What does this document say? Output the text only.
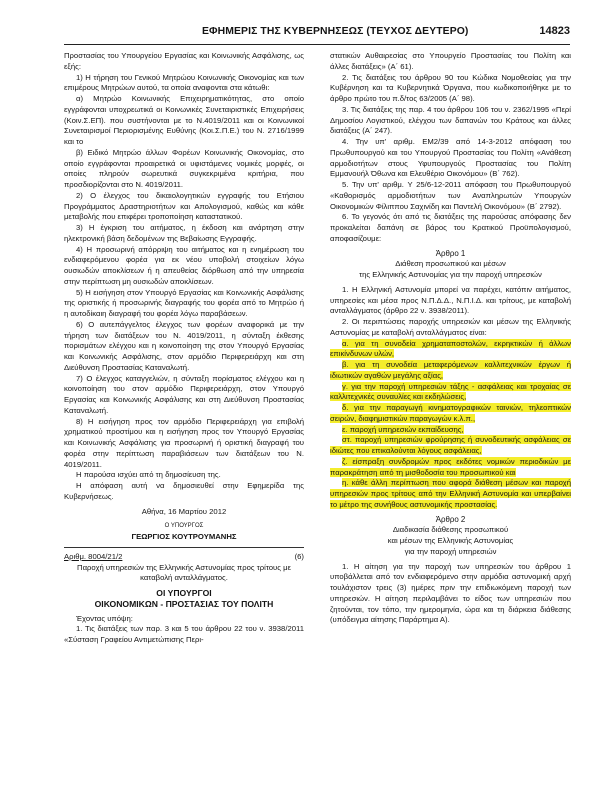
ΕΦΗΜΕΡΙΣ ΤΗΣ ΚΥΒΕΡΝΗΣΕΩΣ (ΤΕΥΧΟΣ ΔΕΥΤΕΡΟ)	14823

Προστασίας του Υπουργείου Εργασίας και Κοινωνικής Ασφάλισης, ως εξής:

1) Η τήρηση του Γενικού Μητρώου Κοινωνικής Οικονομίας και των επιμέρους Μητρώων αυτού, τα οποία αναφονται στα κάτωθι:

α) Μητρώο Κοινωνικής Επιχειρηματικότητας, στο οποίο εγγράφονται υποχρεωτικά οι Κοινωνικές Συνεταιριστικές Επιχειρήσεις (Κοιν.Σ.ΕΠ). που συστήνονται με το Ν.4019/2011 και οι Κοινωνικοί Συνεταιρισμοί Περιορισμένης Ευθύνης (Κοι.Σ.Π.Ε.) του Ν. 2716/1999 και το

β) Ειδικό Μητρώο άλλων Φορέων Κοινωνικής Οικονομίας, στο οποίο εγγράφονται προαιρετικά οι υφιστάμενες νομικές μορφές, οι οποίες πληρούν σωρευτικά συγκεκριμένα κριτήρια, που προσδιορίζονται στο Ν. 4019/2011.

2) Ο έλεγχος του δικαιολογητικών εγγραφής του Ετήσιου Προγράμματος Δραστηριοτήτων και Απολογισμού, καθώς και κάθε μεταβολής που επιφέρει τροποποίηση καταστατικού.

3) Η έγκριση του αιτήματος, η έκδοση και ανάρτηση στην ηλεκτρονική βάση δεδομένων της Βεβαίωσης Εγγραφής.

4) Η προσωρινή απόρριψη του αιτήματος και η ενημέρωση του ενδιαφερόμενου φορέα για εκ νέου υποβολή στοιχείων λόγω ουσιωδών αποκλίσεων ή η απευθείας διόρθωση από την υπηρεσία στην περίπτωση μη ουσιωδών αποκλίσεων.

5) Η εισήγηση στον Υπουργό Εργασίας και Κοινωνικής Ασφάλισης της οριστικής ή προσωρινής διαγραφής του φορέα από το Μητρώο ή η αυτοδίκαιη διαγραφή του φορέα λόγω παραβάσεων.

6) Ο αυτεπάγγελτος έλεγχος των φορέων αναφορικά με την τήρηση των διατάξεων του Ν. 4019/2011, η σύνταξη έκθεσης πορισμάτων ελέγχου και η κοινοποίηση της στον Υπουργό Εργασίας και Κοινωνικής Ασφάλισης, στον αρμόδιο Περιφερειάρχη και στη Διεύθυνση Προστασίας Καταναλωτή.

7) Ο έλεγχος καταγγελιών, η σύνταξη πορίσματος ελέγχου και η κοινοποίηση του στον αρμόδιο Περιφερειάρχη, στον Υπουργό Εργασίας και Κοινωνικής Ασφάλισης και στη Διεύθυνση Προστασίας Καταναλωτή.

8) Η εισήγηση προς τον αρμόδιο Περιφερειάρχη για επιβολή χρηματικού προστίμου και η εισήγηση προς τον Υπουργό Εργασίας και Κοινωνικής Ασφάλισης για προσωρινή ή οριστική διαγραφή του φορέα στην περίπτωση παραβιάσεων των διατάξεων του Ν. 4019/2011.

Η παρούσα ισχύει από τη δημοσίευση της.

Η απόφαση αυτή να δημοσιευθεί στην Εφημερίδα της Κυβερνήσεως.

Αθήνα, 16 Μαρτίου 2012

Ο ΥΠΟΥΡΓΟΣ

ΓΕΩΡΓΙΟΣ ΚΟΥΤΡΟΥΜΑΝΗΣ

Αριθμ. 8004/21/2	(6)

Παροχή υπηρεσιών της Ελληνικής Αστυνομίας προς τρίτους με καταβολή ανταλλάγματος.

ΟΙ ΥΠΟΥΡΓΟΙ

ΟΙΚΟΝΟΜΙΚΩΝ - ΠΡΟΣΤΑΣΙΑΣ ΤΟΥ ΠΟΛΙΤΗ

Έχοντας υπόψη:

1. Τις διατάξεις των παρ. 3 και 5 του άρθρου 22 του ν. 3938/2011 «Σύσταση Γραφείου Αντιμετώπισης Περι-

στατικών Αυθαιρεσίας στο Υπουργείο Προστασίας του Πολίτη και άλλες διατάξεις» (Α΄ 61).

2. Τις διατάξεις του άρθρου 90 του Κώδικα Νομοθεσίας για την Κυβέρνηση και τα Κυβερνητικά Όργανα, που κωδικοποιήθηκε με το άρθρο πρώτο του π.δ/τος 63/2005 (Α΄ 98).

3. Τις διατάξεις της παρ. 4 του άρθρου 106 του ν. 2362/1995 «Περί Δημοσίου Λογιστικού, ελέγχου των δαπανών του Κράτους και άλλες διατάξεις (Α΄ 247).

4. Την υπ' αριθμ. ΕΜ2/39 από 14-3-2012 απόφαση του Πρωθυπουργού και του Υπουργού Προστασίας του Πολίτη «Ανάθεση αρμοδιοτήτων στους Υφυπουργούς Προστασίας του Πολίτη Εμμανουήλ Όθωνα και Ελευθέριο Οικονόμου» (Β΄ 762).

5. Την υπ' αριθμ. Υ 25/6-12-2011 απόφαση του Πρωθυπουργού «Καθορισμός αρμοδιοτήτων των Αναπληρωτών Υπουργών Οικονομικών Φίλιππου Σαχινίδη και Παντελή Οικονόμου» (Β΄ 2792).

6. Το γεγονός ότι από τις διατάξεις της παρούσας απόφασης δεν προκαλείται δαπάνη σε βάρος του Κρατικού Προϋπολογισμού, αποφασίζουμε:

Άρθρο 1

Διάθεση προσωπικού και μέσων

της Ελληνικής Αστυνομίας για την παροχή υπηρεσιών

1. Η Ελληνική Αστυνομία μπορεί να παρέχει, κατόπιν αιτήματος, υπηρεσίες και μέσα προς Ν.Π.Δ.Δ., Ν.Π.Ι.Δ. και τρίτους, με καταβολή ανταλλάγματος (άρθρο 22 ν. 3938/2011).

2. Οι περιπτώσεις παροχής υπηρεσιών και μέσων της Ελληνικής Αστυνομίας με καταβολή ανταλλάγματος είναι:

α. για τη συνοδεία χρηματαποστολών, εκρηκτικών ή άλλων επικίνδυνων υλών,

β. για τη συνοδεία μεταφερόμενων καλλιτεχνικών έργων ή ιδιωτικών αγαθών μεγάλης αξίας,

γ. για την παροχή υπηρεσιών τάξης - ασφάλειας και τροχαίας σε καλλιτεχνικές συναυλίες και εκδηλώσεις,

δ. για την παραγωγή κινηματογραφικών ταινιών, τηλεοπτικών σειρών, διαφημιστικών παραγωγών κ.λ.π.,

ε. παροχή υπηρεσιών εκπαίδευσης,

στ. παροχή υπηρεσιών φρούρησης ή συνοδευτικής ασφάλειας σε ιδιώτες που επικαλούνται λόγους ασφάλειας,

ζ. είσπραξη συνδρομών προς εκδότες νομικών περιοδικών με παρακράτηση από τη μισθοδοσία του προσωπικού και

η. κάθε άλλη περίπτωση που αφορά διάθεση μέσων και παροχή υπηρεσιών προς τρίτους από την Ελληνική Αστυνομία και υπερβαίνει το μέτρο της συνήθους αστυνομικής προστασίας.

Άρθρο 2

Διαδικασία διάθεσης προσωπικού

και μέσων της Ελληνικής Αστυνομίας

για την παροχή υπηρεσιών

1. Η αίτηση για την παροχή των υπηρεσιών του άρθρου 1 υποβάλλεται από τον ενδιαφερόμενο στην αρμόδια αστυνομική αρχή τουλάχιστον τρεις (3) ημέρες πριν την επιδιωκόμενη παροχή των υπηρεσιών. Η αίτηση περιλαμβάνει το είδος των υπηρεσιών που ζητούνται, τον τόπο, την ημερομηνία, ώρα και τη διάρκεια διάθεσης (υπόδειγμα αίτησης Παράρτημα Α).
